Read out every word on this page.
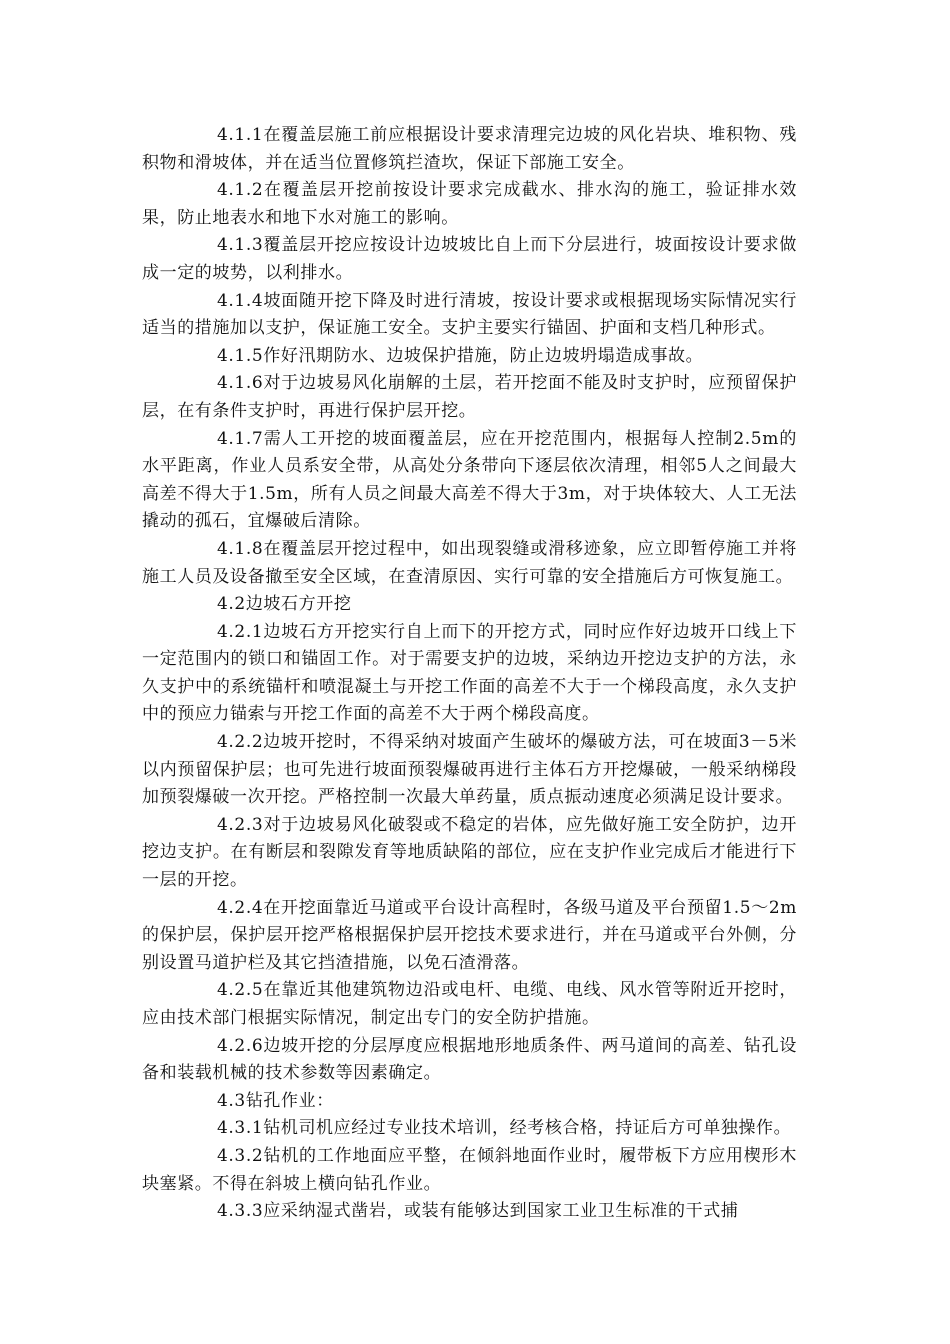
4.1.1在覆盖层施工前应根据设计要求清理完边坡的风化岩块、堆积物、残积物和滑坡体，并在适当位置修筑拦渣坎，保证下部施工安全。

4.1.2在覆盖层开挖前按设计要求完成截水、排水沟的施工，验证排水效果，防止地表水和地下水对施工的影响。

4.1.3覆盖层开挖应按设计边坡坡比自上而下分层进行，坡面按设计要求做成一定的坡势，以利排水。

4.1.4坡面随开挖下降及时进行清坡，按设计要求或根据现场实际情况实行适当的措施加以支护，保证施工安全。支护主要实行锚固、护面和支档几种形式。

4.1.5作好汛期防水、边坡保护措施，防止边坡坍塌造成事故。

4.1.6对于边坡易风化崩解的土层，若开挖面不能及时支护时，应预留保护层，在有条件支护时，再进行保护层开挖。

4.1.7需人工开挖的坡面覆盖层，应在开挖范围内，根据每人控制2.5m的水平距离，作业人员系安全带，从高处分条带向下逐层依次清理，相邻5人之间最大高差不得大于1.5m，所有人员之间最大高差不得大于3m，对于块体较大、人工无法撬动的孤石，宜爆破后清除。

4.1.8在覆盖层开挖过程中，如出现裂缝或滑移迹象，应立即暂停施工并将施工人员及设备撤至安全区域，在查清原因、实行可靠的安全措施后方可恢复施工。

4.2边坡石方开挖

4.2.1边坡石方开挖实行自上而下的开挖方式，同时应作好边坡开口线上下一定范围内的锁口和锚固工作。对于需要支护的边坡，采纳边开挖边支护的方法，永久支护中的系统锚杆和喷混凝土与开挖工作面的高差不大于一个梯段高度，永久支护中的预应力锚索与开挖工作面的高差不大于两个梯段高度。

4.2.2边坡开挖时，不得采纳对坡面产生破坏的爆破方法，可在坡面3－5米以内预留保护层；也可先进行坡面预裂爆破再进行主体石方开挖爆破，一般采纳梯段加预裂爆破一次开挖。严格控制一次最大单药量，质点振动速度必须满足设计要求。

4.2.3对于边坡易风化破裂或不稳定的岩体，应先做好施工安全防护，边开挖边支护。在有断层和裂隙发育等地质缺陷的部位，应在支护作业完成后才能进行下一层的开挖。

4.2.4在开挖面靠近马道或平台设计高程时，各级马道及平台预留1.5～2m的保护层，保护层开挖严格根据保护层开挖技术要求进行，并在马道或平台外侧，分别设置马道护栏及其它挡渣措施，以免石渣滑落。

4.2.5在靠近其他建筑物边沿或电杆、电缆、电线、风水管等附近开挖时，应由技术部门根据实际情况，制定出专门的安全防护措施。

4.2.6边坡开挖的分层厚度应根据地形地质条件、两马道间的高差、钻孔设备和装载机械的技术参数等因素确定。

4.3钻孔作业：

4.3.1钻机司机应经过专业技术培训，经考核合格，持证后方可单独操作。

4.3.2钻机的工作地面应平整，在倾斜地面作业时，履带板下方应用楔形木块塞紧。不得在斜坡上横向钻孔作业。

4.3.3应采纳湿式凿岩，或装有能够达到国家工业卫生标准的干式捕
